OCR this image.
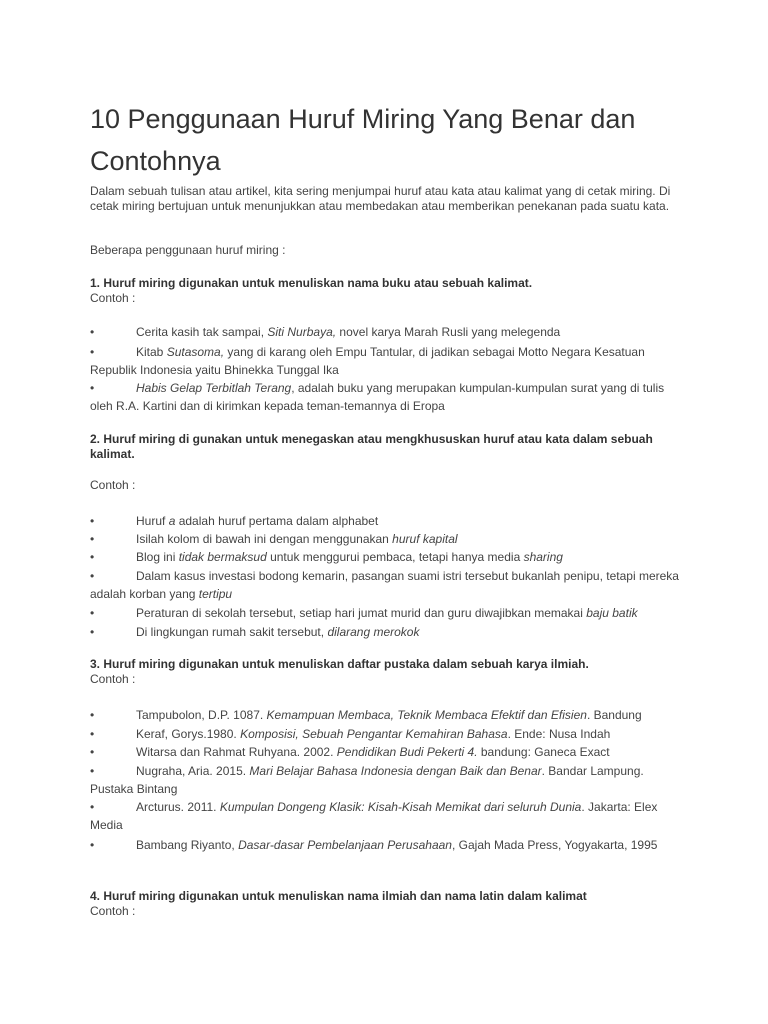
10 Penggunaan Huruf Miring Yang Benar dan Contohnya

Dalam sebuah tulisan atau artikel, kita sering menjumpai huruf atau kata atau kalimat yang di cetak miring. Di cetak miring bertujuan untuk menunjukkan atau membedakan atau memberikan penekanan pada suatu kata.

Beberapa penggunaan huruf miring :

1. Huruf miring digunakan untuk menuliskan nama buku atau sebuah kalimat.

Contoh :

•	Cerita kasih tak sampai, Siti Nurbaya, novel karya Marah Rusli yang melegenda
•	Kitab Sutasoma, yang di karang oleh Empu Tantular, di jadikan sebagai Motto Negara Kesatuan Republik Indonesia yaitu Bhinekka Tunggal Ika
•	Habis Gelap Terbitlah Terang, adalah buku yang merupakan kumpulan-kumpulan surat yang di tulis oleh R.A. Kartini dan di kirimkan kepada teman-temannya di Eropa

2. Huruf miring di gunakan untuk menegaskan atau mengkhususkan huruf atau kata dalam sebuah kalimat.

Contoh :

•	Huruf a adalah huruf pertama dalam alphabet
•	Isilah kolom di bawah ini dengan menggunakan huruf kapital
•	Blog ini tidak bermaksud untuk menggurui pembaca, tetapi hanya media sharing
•	Dalam kasus investasi bodong kemarin, pasangan suami istri tersebut bukanlah penipu, tetapi mereka adalah korban yang tertipu
•	Peraturan di sekolah tersebut, setiap hari jumat murid dan guru diwajibkan memakai baju batik
•	Di lingkungan rumah sakit tersebut, dilarang merokok

3. Huruf miring digunakan untuk menuliskan daftar pustaka dalam sebuah karya ilmiah.

Contoh :

•	Tampubolon, D.P. 1087. Kemampuan Membaca, Teknik Membaca Efektif dan Efisien. Bandung
•	Keraf, Gorys.1980. Komposisi, Sebuah Pengantar Kemahiran Bahasa. Ende: Nusa Indah
•	Witarsa dan Rahmat Ruhyana. 2002. Pendidikan Budi Pekerti 4. bandung: Ganeca Exact
•	Nugraha, Aria. 2015. Mari Belajar Bahasa Indonesia dengan Baik dan Benar. Bandar Lampung. Pustaka Bintang
•	Arcturus. 2011. Kumpulan Dongeng Klasik: Kisah-Kisah Memikat dari seluruh Dunia. Jakarta: Elex Media
•	Bambang Riyanto, Dasar-dasar Pembelanjaan Perusahaan, Gajah Mada Press, Yogyakarta, 1995

4. Huruf miring digunakan untuk menuliskan nama ilmiah dan nama latin dalam kalimat

Contoh :
